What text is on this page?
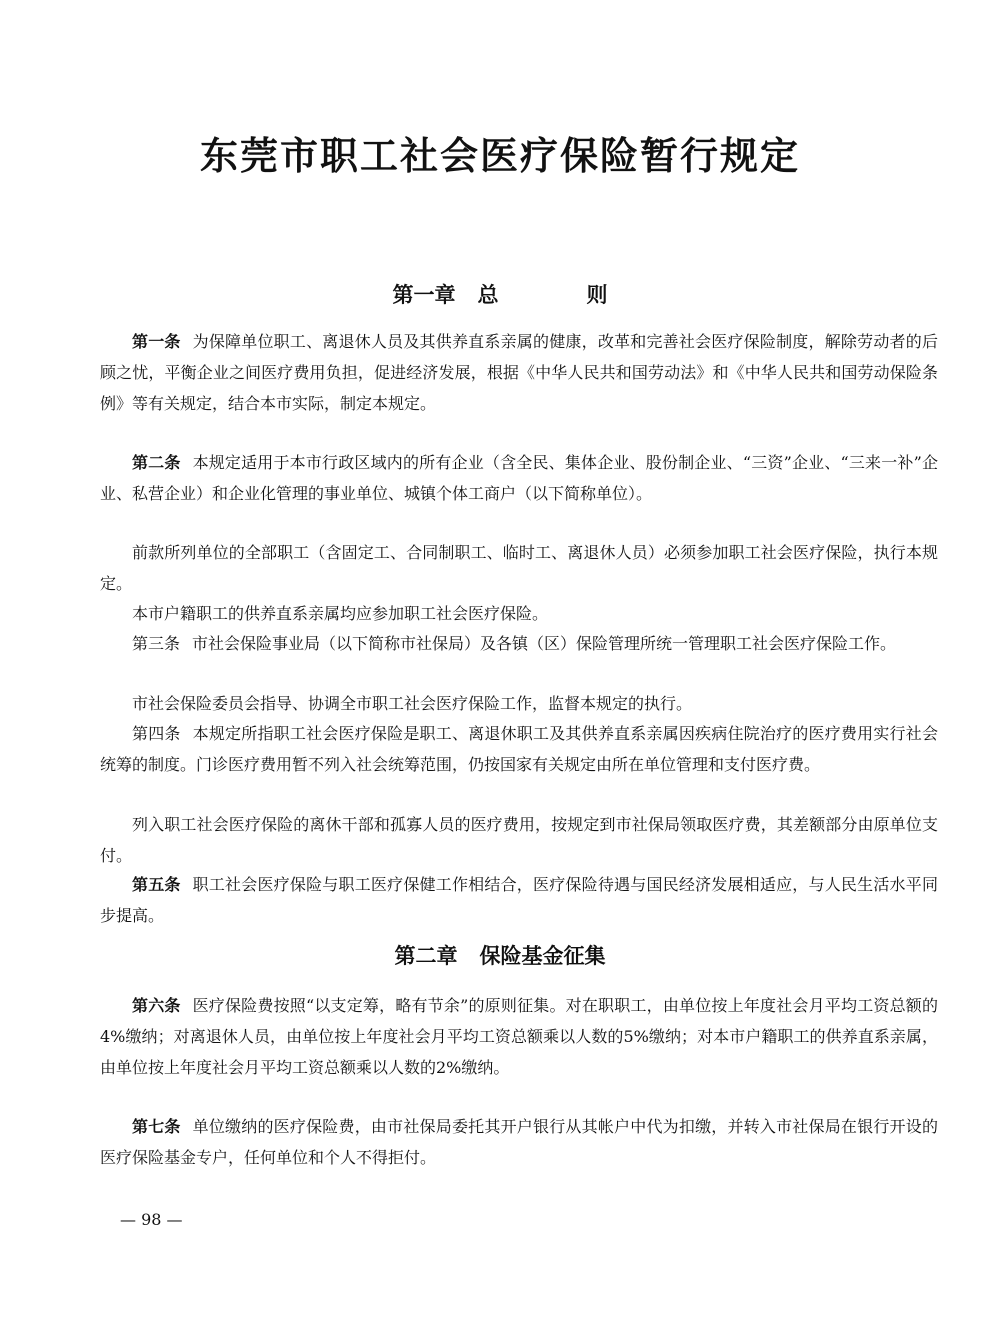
东莞市职工社会医疗保险暂行规定
第一章 总	则

第一条 为保障单位职工、离退休人员及其供养直系亲属的健康，改革和完善社会医疗保险制度，解除劳动者的后顾之忧，平衡企业之间医疗费用负担，促进经济发展，根据《中华人民共和国劳动法》和《中华人民共和国劳动保险条例》等有关规定，结合本市实际，制定本规定。

第二条 本规定适用于本市行政区域内的所有企业（含全民、集体企业、股份制企业、“三资”企业、“三来一补”企业、私营企业）和企业化管理的事业单位、城镇个体工商户（以下简称单位）。

前款所列单位的全部职工（含固定工、合同制职工、临时工、离退休人员）必须参加职工社会医疗保险，执行本规定。

本市户籍职工的供养直系亲属均应参加职工社会医疗保险。

第三条 市社会保险事业局（以下简称市社保局）及各镇（区）保险管理所统一管理职工社会医疗保险工作。

市社会保险委员会指导、协调全市职工社会医疗保险工作，监督本规定的执行。

第四条 本规定所指职工社会医疗保险是职工、离退休职工及其供养直系亲属因疾病住院治疗的医疗费用实行社会统筹的制度。门诊医疗费用暂不列入社会统筹范围，仍按国家有关规定由所在单位管理和支付医疗费。

列入职工社会医疗保险的离休干部和孤寡人员的医疗费用，按规定到市社保局领取医疗费，其差额部分由原单位支付。

第五条 职工社会医疗保险与职工医疗保健工作相结合，医疗保险待遇与国民经济发展相适应，与人民生活水平同步提高。

第二章 保险基金征集

第六条 医疗保险费按照“以支定筹，略有节余”的原则征集。对在职职工，由单位按上年度社会月平均工资总额的4%缴纳；对离退休人员，由单位按上年度社会月平均工资总额乘以人数的5%缴纳；对本市户籍职工的供养直系亲属，由单位按上年度社会月平均工资总额乘以人数的2%缴纳。

第七条 单位缴纳的医疗保险费，由市社保局委托其开户银行从其帐户中代为扣缴，并转入市社保局在银行开设的医疗保险基金专户，任何单位和个人不得拒付。

— 98 —
